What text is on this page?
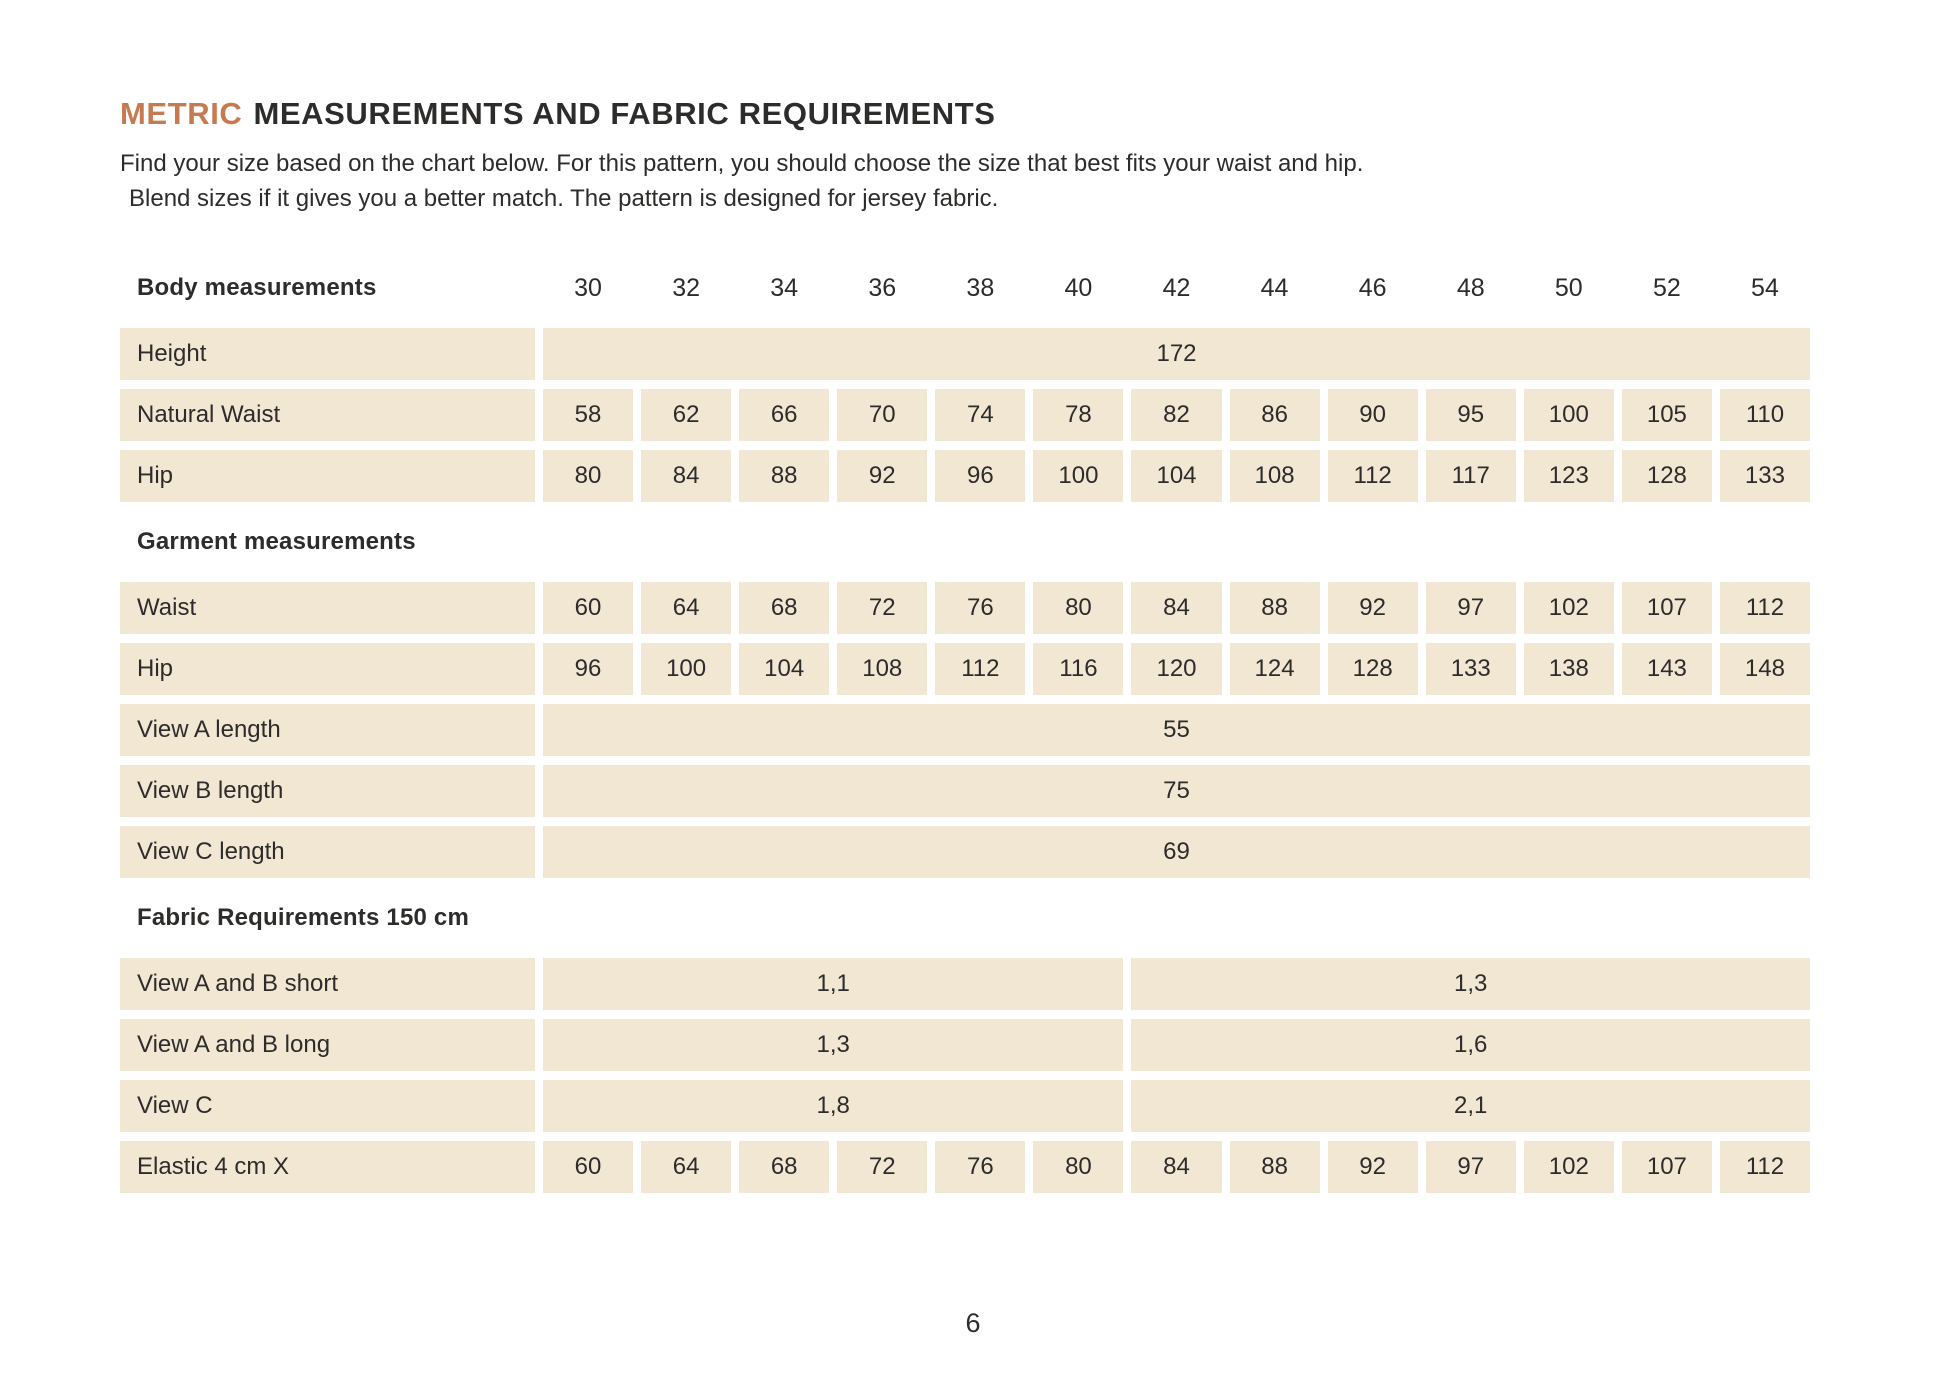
METRIC MEASUREMENTS AND FABRIC REQUIREMENTS
Find your size based on the chart below. For this pattern, you should choose the size that best fits your waist and hip.
Blend sizes if it gives you a better match. The pattern is designed for jersey fabric.
Body measurements	30	32	34	36	38	40	42	44	46	48	50	52	54
Height	172
Natural Waist	58	62	66	70	74	78	82	86	90	95	100	105	110
Hip	80	84	88	92	96	100	104	108	112	117	123	128	133
Garment measurements
Waist	60	64	68	72	76	80	84	88	92	97	102	107	112
Hip	96	100	104	108	112	116	120	124	128	133	138	143	148
View A length	55
View B length	75
View C length	69
Fabric Requirements 150 cm
View A and B short	1,1	1,3
View A and B long	1,3	1,6
View C	1,8	2,1
Elastic 4 cm X	60	64	68	72	76	80	84	88	92	97	102	107	112
6
